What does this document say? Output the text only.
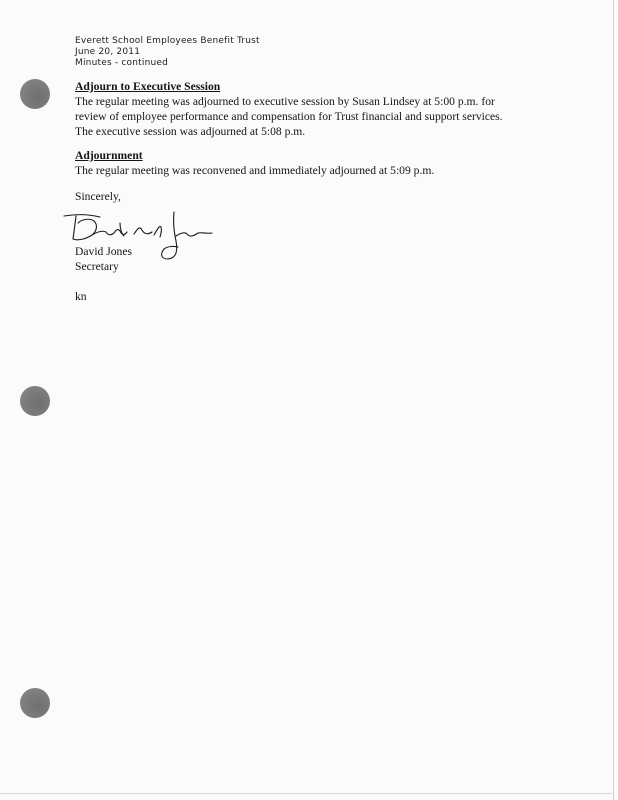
Everett School Employees Benefit Trust
June 20, 2011
Minutes - continued
Adjourn to Executive Session
The regular meeting was adjourned to executive session by Susan Lindsey at 5:00 p.m. for
review of employee performance and compensation for Trust financial and support services.
The executive session was adjourned at 5:08 p.m.
Adjournment
The regular meeting was reconvened and immediately adjourned at 5:09 p.m.
Sincerely,
David Jones
Secretary
kn
